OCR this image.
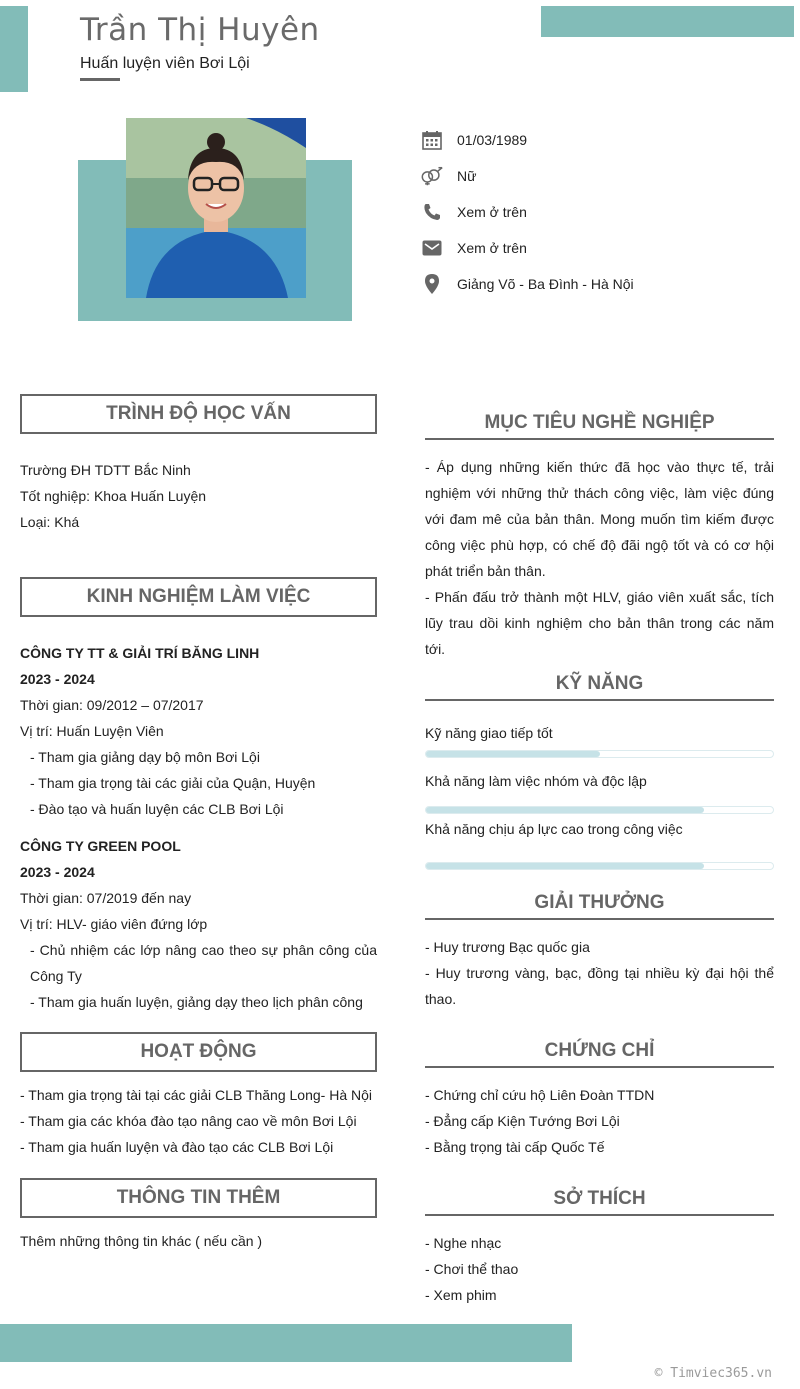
Trần Thị Huyên
Huấn luyện viên Bơi Lội
01/03/1989
Nữ
Xem ở trên
Xem ở trên
Giảng Võ - Ba Đình - Hà Nội
TRÌNH ĐỘ HỌC VẤN

Trường ĐH TDTT Bắc Ninh

Tốt nghiệp: Khoa Huấn Luyện

Loại: Khá

KINH NGHIỆM LÀM VIỆC

CÔNG TY TT & GIẢI TRÍ BĂNG LINH

2023 - 2024

Thời gian: 09/2012 – 07/2017

Vị trí: Huấn Luyện Viên

- Tham gia giảng dạy bộ môn Bơi Lội

- Tham gia trọng tài các giải của Quận, Huyện

- Đào tạo và huấn luyện các CLB Bơi Lội

CÔNG TY GREEN POOL

2023 - 2024

Thời gian: 07/2019 đến nay

Vị trí: HLV- giáo viên đứng lớp

- Chủ nhiệm các lớp nâng cao theo sự phân công của Công Ty

- Tham gia huấn luyện, giảng dạy theo lịch phân công

HOẠT ĐỘNG

- Tham gia trọng tài tại các giải CLB Thăng Long- Hà Nội

- Tham gia các khóa đào tạo nâng cao về môn Bơi Lội

- Tham gia huấn luyện và đào tạo các CLB Bơi Lội

THÔNG TIN THÊM
Thêm những thông tin khác ( nếu cần )
MỤC TIÊU NGHỀ NGHIỆP

- Áp dụng những kiến thức đã học vào thực tế, trải nghiệm với những thử thách công việc, làm việc đúng với đam mê của bản thân. Mong muốn tìm kiếm được công việc phù hợp, có chế độ đãi ngộ tốt và có cơ hội phát triển bản thân.

- Phấn đấu trở thành một HLV, giáo viên xuất sắc, tích lũy trau dồi kinh nghiệm cho bản thân trong các năm tới.

KỸ NĂNG
Kỹ năng giao tiếp tốt
Khả năng làm việc nhóm và độc lập
Khả năng chịu áp lực cao trong công việc
GIẢI THƯỞNG

- Huy trương Bạc quốc gia

- Huy trương vàng, bạc, đồng tại nhiều kỳ đại hội thể thao.

CHỨNG CHỈ

- Chứng chỉ cứu hộ Liên Đoàn TTDN

- Đẳng cấp Kiện Tướng Bơi Lội

- Bằng trọng tài cấp Quốc Tế

SỞ THÍCH

- Nghe nhạc

- Chơi thể thao

- Xem phim

© Timviec365.vn
